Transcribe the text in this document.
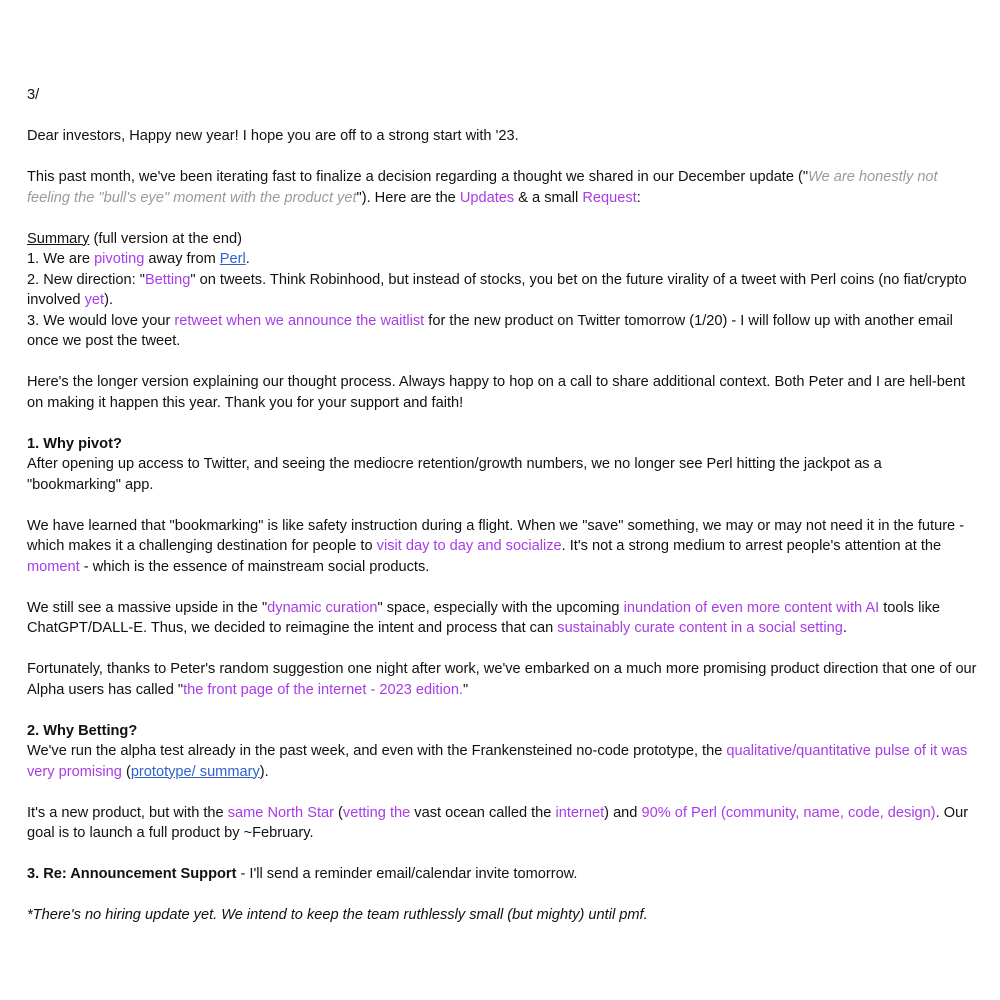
3/

Dear investors, Happy new year! I hope you are off to a strong start with '23.

This past month, we've been iterating fast to finalize a decision regarding a thought we shared in our December update ("We are honestly not feeling the "bull's eye" moment with the product yet"). Here are the Updates & a small Request:

Summary (full version at the end)

1. We are pivoting away from Perl.

2. New direction: "Betting" on tweets. Think Robinhood, but instead of stocks, you bet on the future virality of a tweet with Perl coins (no fiat/crypto involved yet).

3. We would love your retweet when we announce the waitlist for the new product on Twitter tomorrow (1/20) - I will follow up with another email once we post the tweet.

Here's the longer version explaining our thought process. Always happy to hop on a call to share additional context. Both Peter and I are hell-bent on making it happen this year. Thank you for your support and faith!

1. Why pivot?

After opening up access to Twitter, and seeing the mediocre retention/growth numbers, we no longer see Perl hitting the jackpot as a "bookmarking" app.

We have learned that "bookmarking" is like safety instruction during a flight. When we "save" something, we may or may not need it in the future - which makes it a challenging destination for people to visit day to day and socialize. It's not a strong medium to arrest people's attention at the moment - which is the essence of mainstream social products.

We still see a massive upside in the "dynamic curation" space, especially with the upcoming inundation of even more content with AI tools like ChatGPT/DALL-E. Thus, we decided to reimagine the intent and process that can sustainably curate content in a social setting.

Fortunately, thanks to Peter's random suggestion one night after work, we've embarked on a much more promising product direction that one of our Alpha users has called "the front page of the internet - 2023 edition."

2. Why Betting?

We've run the alpha test already in the past week, and even with the Frankensteined no-code prototype, the qualitative/quantitative pulse of it was very promising (prototype/ summary).

It's a new product, but with the same North Star (vetting the vast ocean called the internet) and 90% of Perl (community, name, code, design). Our goal is to launch a full product by ~February.

3. Re: Announcement Support - I'll send a reminder email/calendar invite tomorrow.

*There's no hiring update yet. We intend to keep the team ruthlessly small (but mighty) until pmf.
